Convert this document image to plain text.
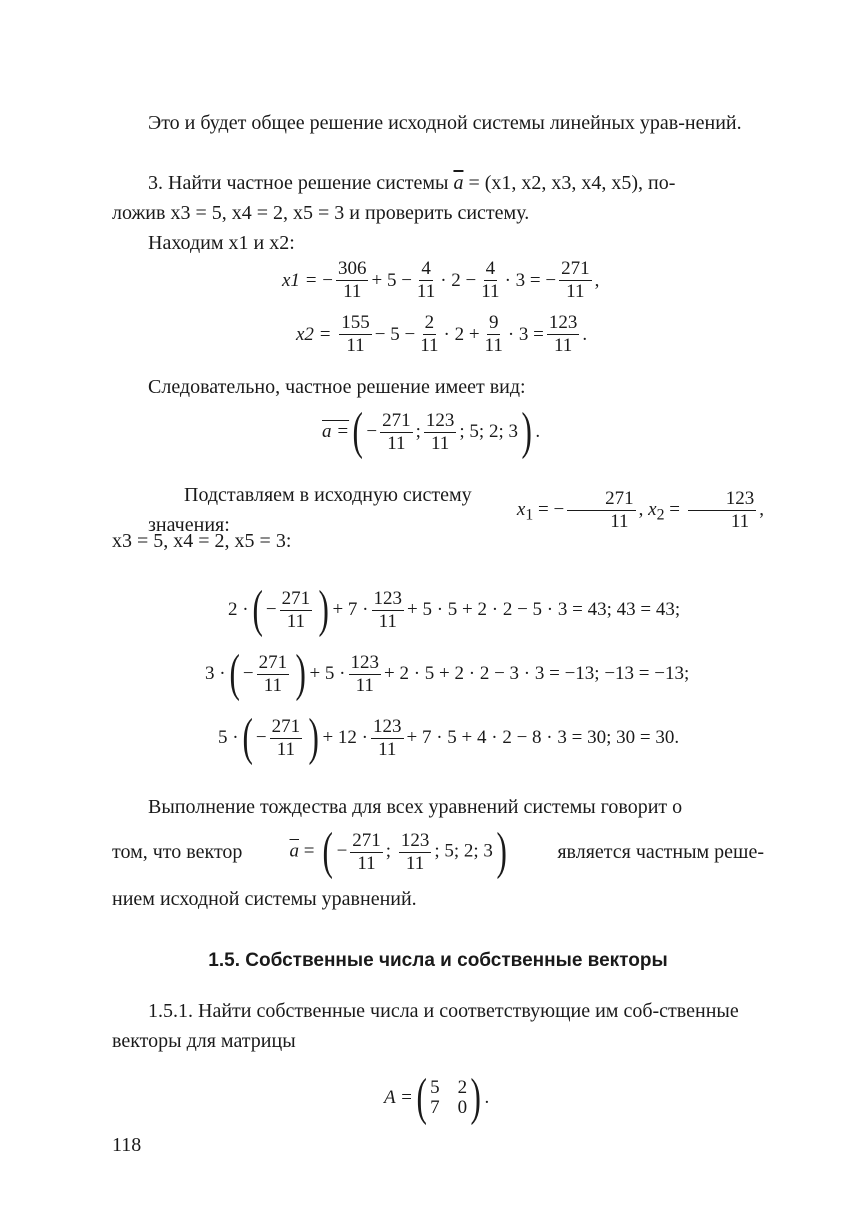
Это и будет общее решение исходной системы линейных урав-нений.

3. Найти частное решение системы $\overline{a} = (x1$, x2, x3, x4, x5), по-
ложив x3 = 5, x4 = 2, x5 = 3 и проверить систему.
Находим x1 и x2:
x1 = − $\frac{306}{11} + 5 - \frac{4}{11} \cdot 2 - \frac{4}{11} \cdot 3$ = − $\frac{271}{11}$ ,
x2 =
$\frac{155}{11} - 5 - \frac{2}{11} \cdot 2 + \frac{9}{11} \cdot 3 = \frac{123}{11}$ .
Следовательно, частное решение имеет вид:
a = ( − $\frac{271}{11}$ ; $\frac{123}{11}$ ; 5; 2; 3 ) .
Подставляем в исходную систему значения:
$x_1$ = − $\frac{271}{11}$ , $x_2 = \frac{123}{11}$ ,
x3 = 5, x4 = 2, x5 = 3:
2 · ( − $\frac{271}{11}$ ) + $7 \cdot \frac{123}{11} + 5 \cdot 5 + 2 \cdot 2 - 5 \cdot 3 = 43$; 43 = 43;
3 · ( − $\frac{271}{11}$ ) + $5 \cdot \frac{123}{11} + 2 \cdot 5 + 2 \cdot 2 - 3 \cdot 3 = -13$; −13 = −13;
5 · ( − $\frac{271}{11}$ ) + $12 \cdot \frac{123}{11} + 7 \cdot 5 + 4 \cdot 2 - 8 \cdot 3 = 30$; 30 = 30.
Выполнение тождества для всех уравнений системы говорит о
том, что вектор $\overline{a}$ = ( − $\frac{271}{11}$ ; $\frac{123}{11}$ ; 5; 2; 3)	является частным реше-
нием исходной системы уравнений.
1.5. Собственные числа и собственные векторы

1.5.1. Найти собственные числа и соответствующие им соб-ственные векторы для матрицы

A = ( 5 2
7 0 ) .
118
